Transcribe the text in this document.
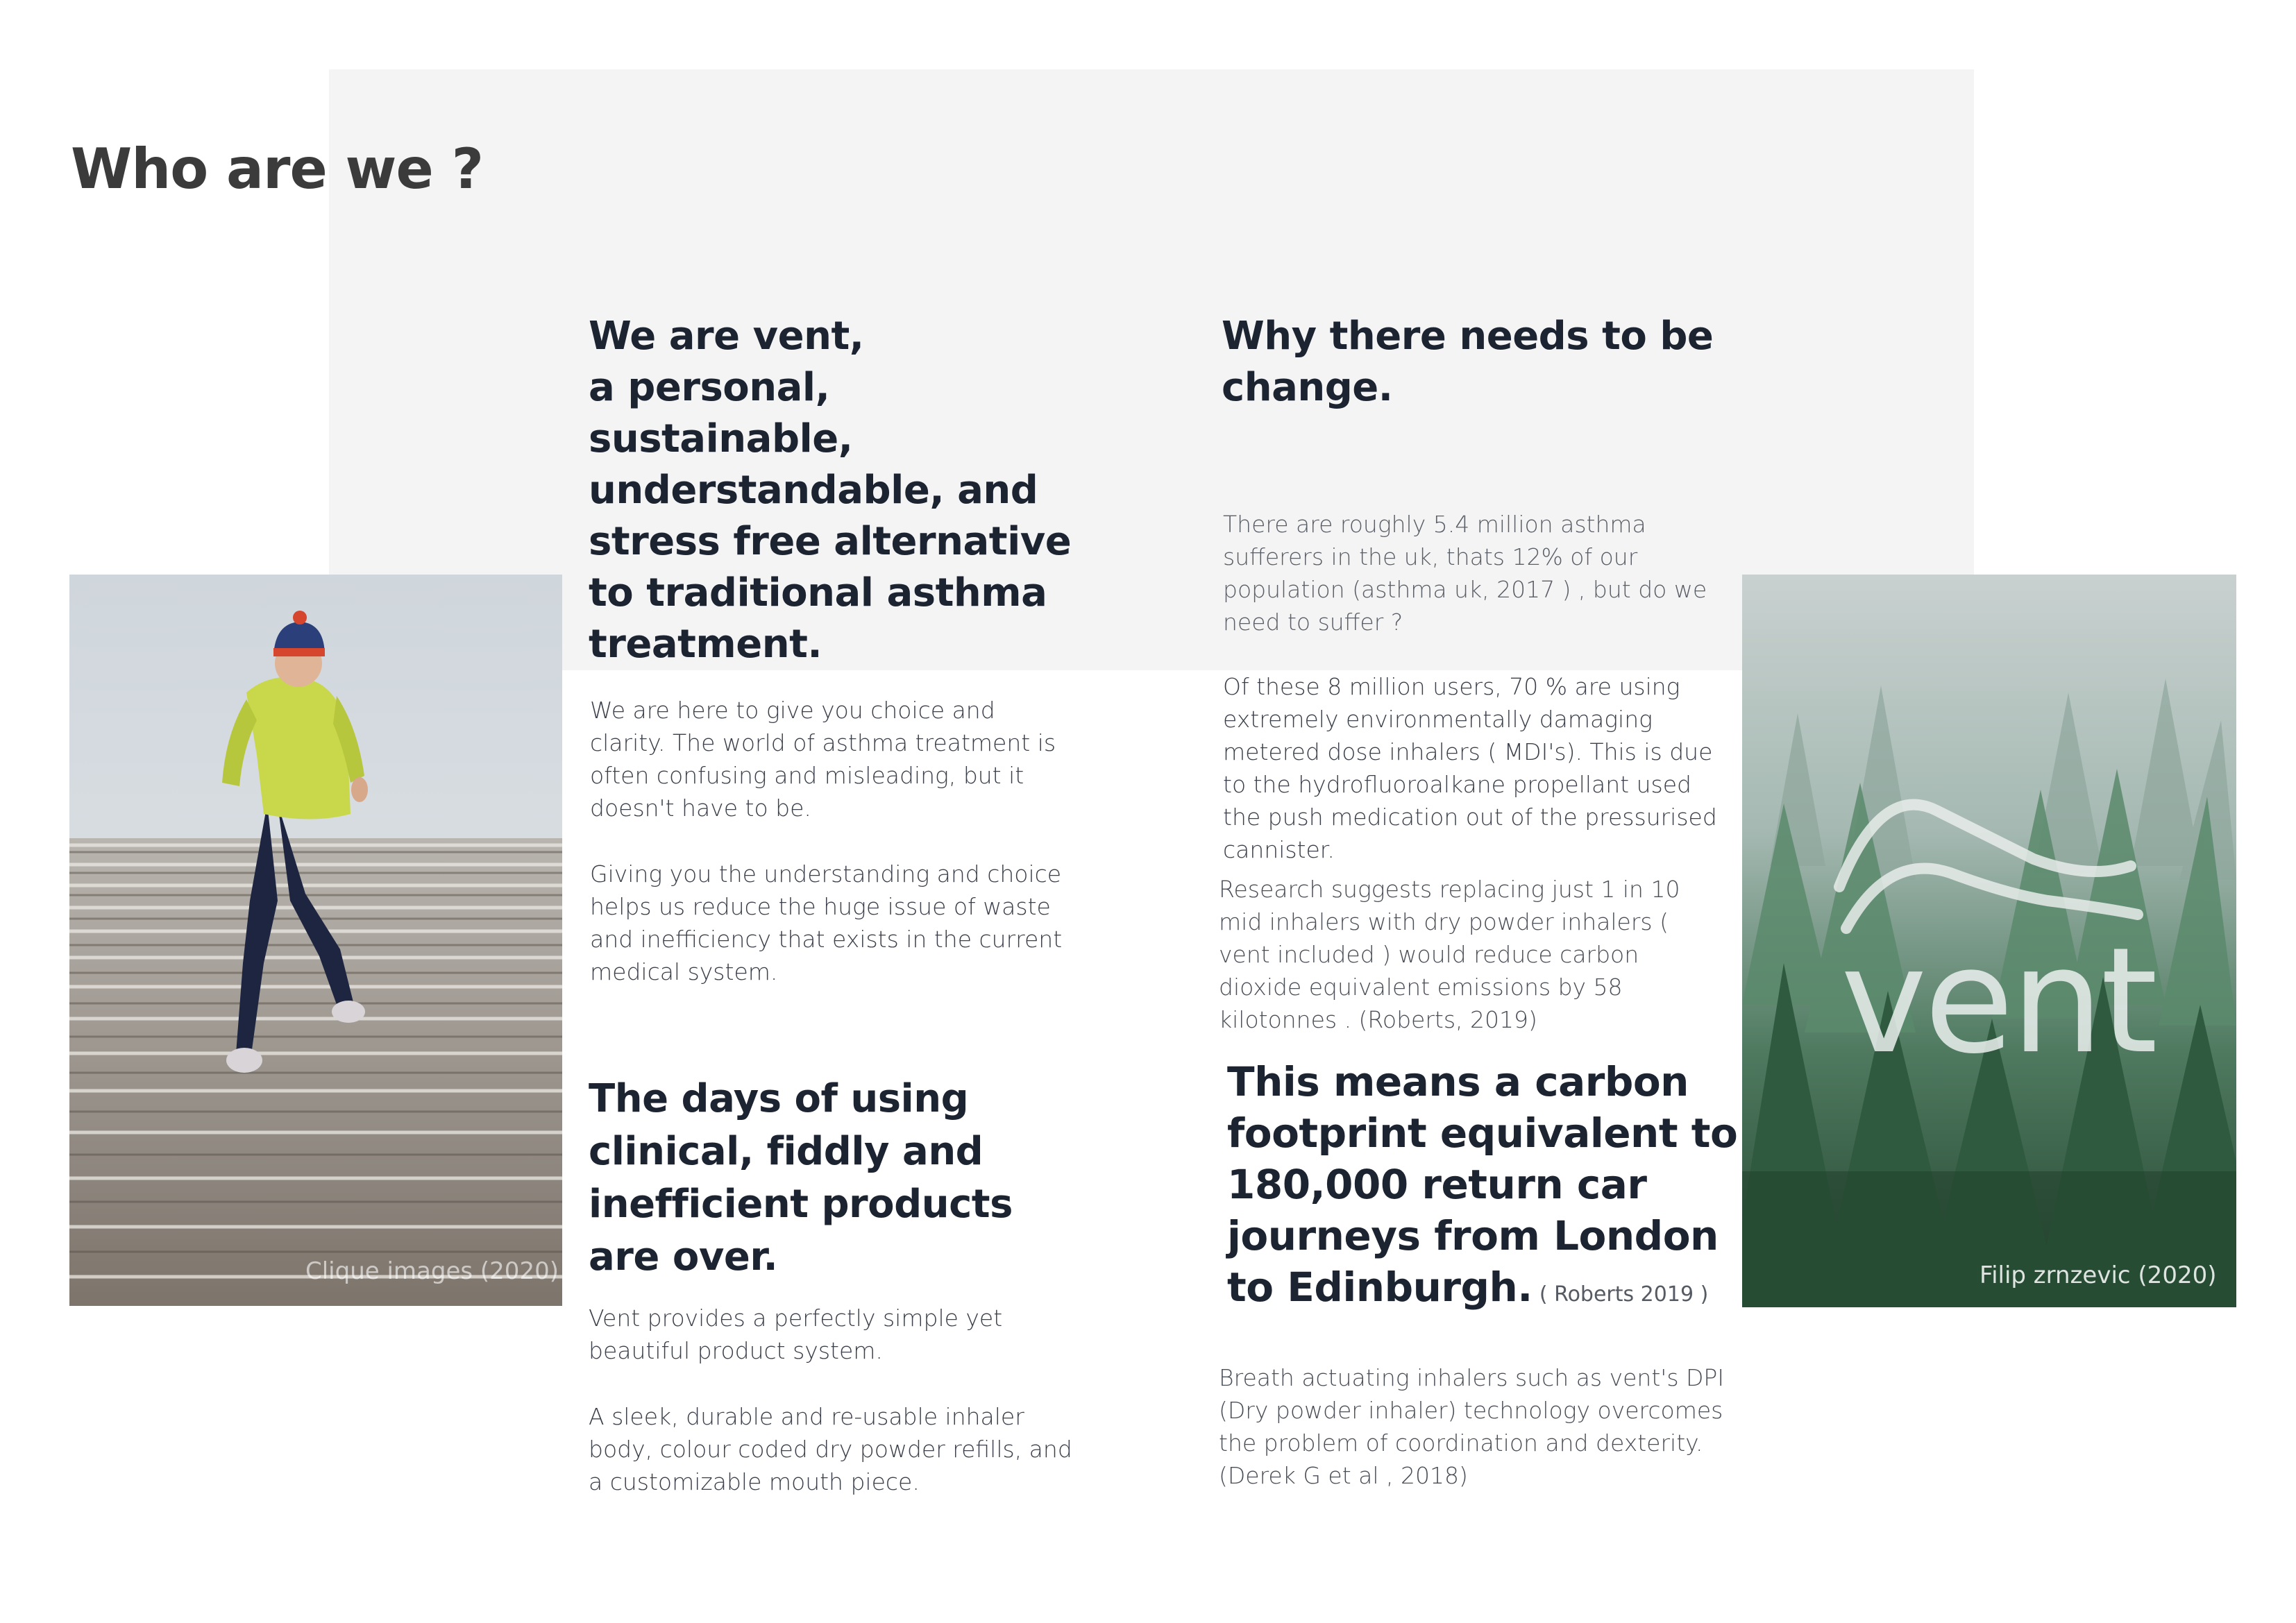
Who are we ?
Clique images (2020)
vent
Filip zrnzevic (2020)
We are vent,
a personal, sustainable, understandable, and stress free alternative to traditional asthma treatment.

We are here to give you choice and clarity. The world of asthma treatment is often confusing and misleading, but it doesn't have to be.

Giving you the understanding and choice helps us reduce the huge issue of waste and inefficiency that exists in the current medical system.

The days of using clinical, fiddly and inefficient products are over.

Vent provides a perfectly simple yet beautiful product system.

A sleek, durable and re-usable inhaler body, colour coded dry powder refills, and a customizable mouth piece.

Why there needs to be change.

There are roughly 5.4 million asthma sufferers in the uk, thats 12% of our population (asthma uk, 2017 ) , but do we need to suffer ?

Of these 8 million users, 70 % are using extremely environmentally damaging metered dose inhalers ( MDI's). This is due to the hydrofluoroalkane propellant used the push medication out of the pressurised cannister.

Research suggests replacing just 1 in 10 mid inhalers with dry powder inhalers ( vent included ) would reduce carbon dioxide equivalent emissions by 58 kilotonnes . (Roberts, 2019)

This means a carbon footprint equivalent to 180,000 return car journeys from London to Edinburgh. ( Roberts 2019 )

Breath actuating inhalers such as vent's DPI (Dry powder inhaler) technology overcomes the problem of coordination and dexterity. (Derek G et al , 2018)
